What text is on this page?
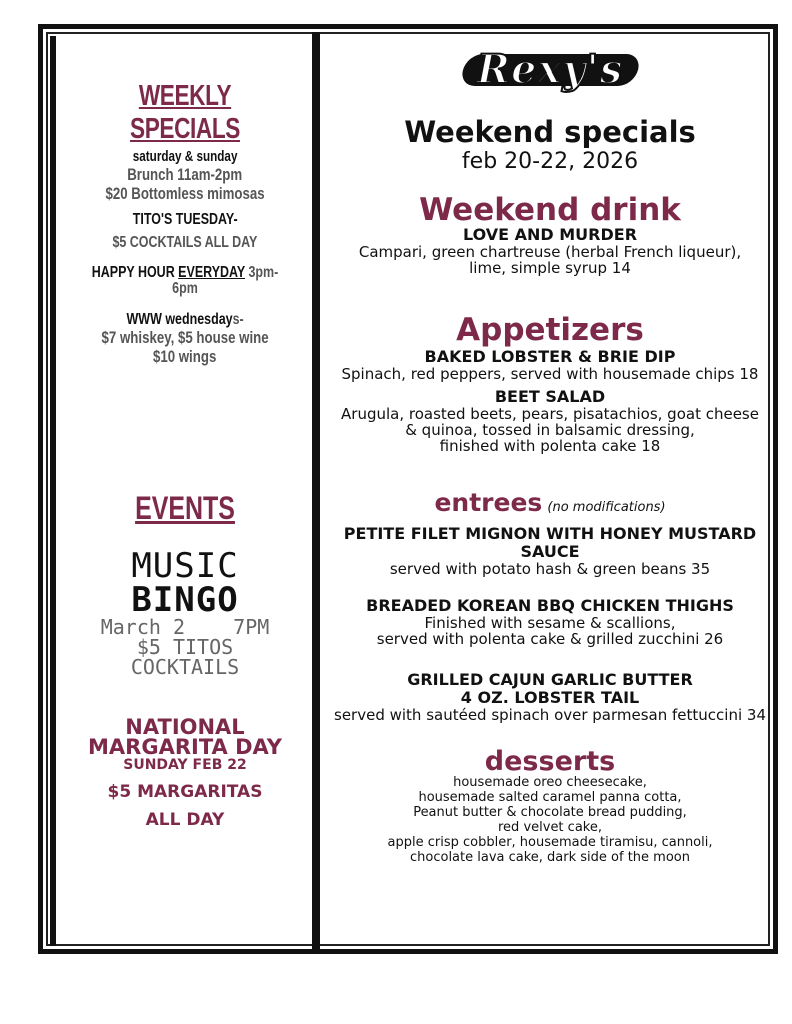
WEEKLY SPECIALS
saturday & sunday
Brunch 11am-2pm
$20 Bottomless mimosas
TITO'S TUESDAY-
$5 COCKTAILS ALL DAY
HAPPY HOUR EVERYDAY 3pm-6pm
WWW wednesdays-
$7 whiskey, $5 house wine
$10 wings
EVENTS
MUSIC
BINGO
March 2    7PM
$5 TITOS
COCKTAILS
NATIONAL
MARGARITA DAY
SUNDAY FEB 22
$5 MARGARITAS
ALL DAY
Rexy's
Weekend specials

feb 20-22, 2026

Weekend drink

LOVE AND MURDER

Campari, green chartreuse (herbal French liqueur),

lime, simple syrup 14

Appetizers

BAKED LOBSTER & BRIE DIP

Spinach, red peppers, served with housemade chips 18

BEET SALAD

Arugula, roasted beets, pears, pisatachios, goat cheese

& quinoa, tossed in balsamic dressing,

finished with polenta cake 18

entrees (no modifications)

PETITE FILET MIGNON WITH HONEY MUSTARD

SAUCE

served with potato hash & green beans 35

BREADED KOREAN BBQ CHICKEN THIGHS

Finished with sesame & scallions,

served with polenta cake & grilled zucchini 26

GRILLED CAJUN GARLIC BUTTER

4 OZ. LOBSTER TAIL

served with sautéed spinach over parmesan fettuccini 34

desserts

housemade oreo cheesecake,

housemade salted caramel panna cotta,

Peanut butter & chocolate bread pudding,

red velvet cake,

apple crisp cobbler, housemade tiramisu, cannoli,

chocolate lava cake, dark side of the moon
